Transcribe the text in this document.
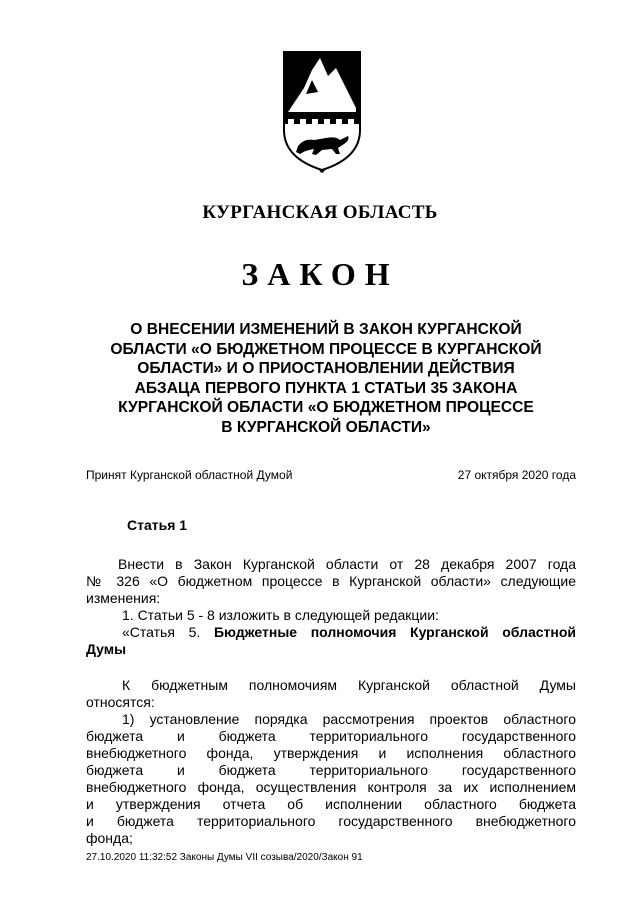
КУРГАНСКАЯ ОБЛАСТЬ
ЗАКОН
О ВНЕСЕНИИ ИЗМЕНЕНИЙ В ЗАКОН КУРГАНСКОЙ
ОБЛАСТИ «О БЮДЖЕТНОМ ПРОЦЕССЕ В КУРГАНСКОЙ
ОБЛАСТИ» И О ПРИОСТАНОВЛЕНИИ ДЕЙСТВИЯ
АБЗАЦА ПЕРВОГО ПУНКТА 1 СТАТЬИ 35 ЗАКОНА
КУРГАНСКОЙ ОБЛАСТИ «О БЮДЖЕТНОМ ПРОЦЕССЕ
В КУРГАНСКОЙ ОБЛАСТИ»
Принят Курганской областной Думой	27 октября 2020 года
Статья 1
Внести в Закон Курганской области от 28 декабря 2007 года
№ 326 «О бюджетном процессе в Курганской области» следующие
изменения:
1. Статьи 5 - 8 изложить в следующей редакции:
«Статья 5. Бюджетные полномочия Курганской областной
Думы
К бюджетным полномочиям Курганской областной Думы
относятся:
1) установление порядка рассмотрения проектов областного
бюджета и бюджета территориального государственного
внебюджетного фонда, утверждения и исполнения областного
бюджета и бюджета территориального государственного
внебюджетного фонда, осуществления контроля за их исполнением
и утверждения отчета об исполнении областного бюджета
и бюджета территориального государственного внебюджетного
фонда;
27.10.2020 11:32:52 Законы Думы VII созыва/2020/Закон 91
